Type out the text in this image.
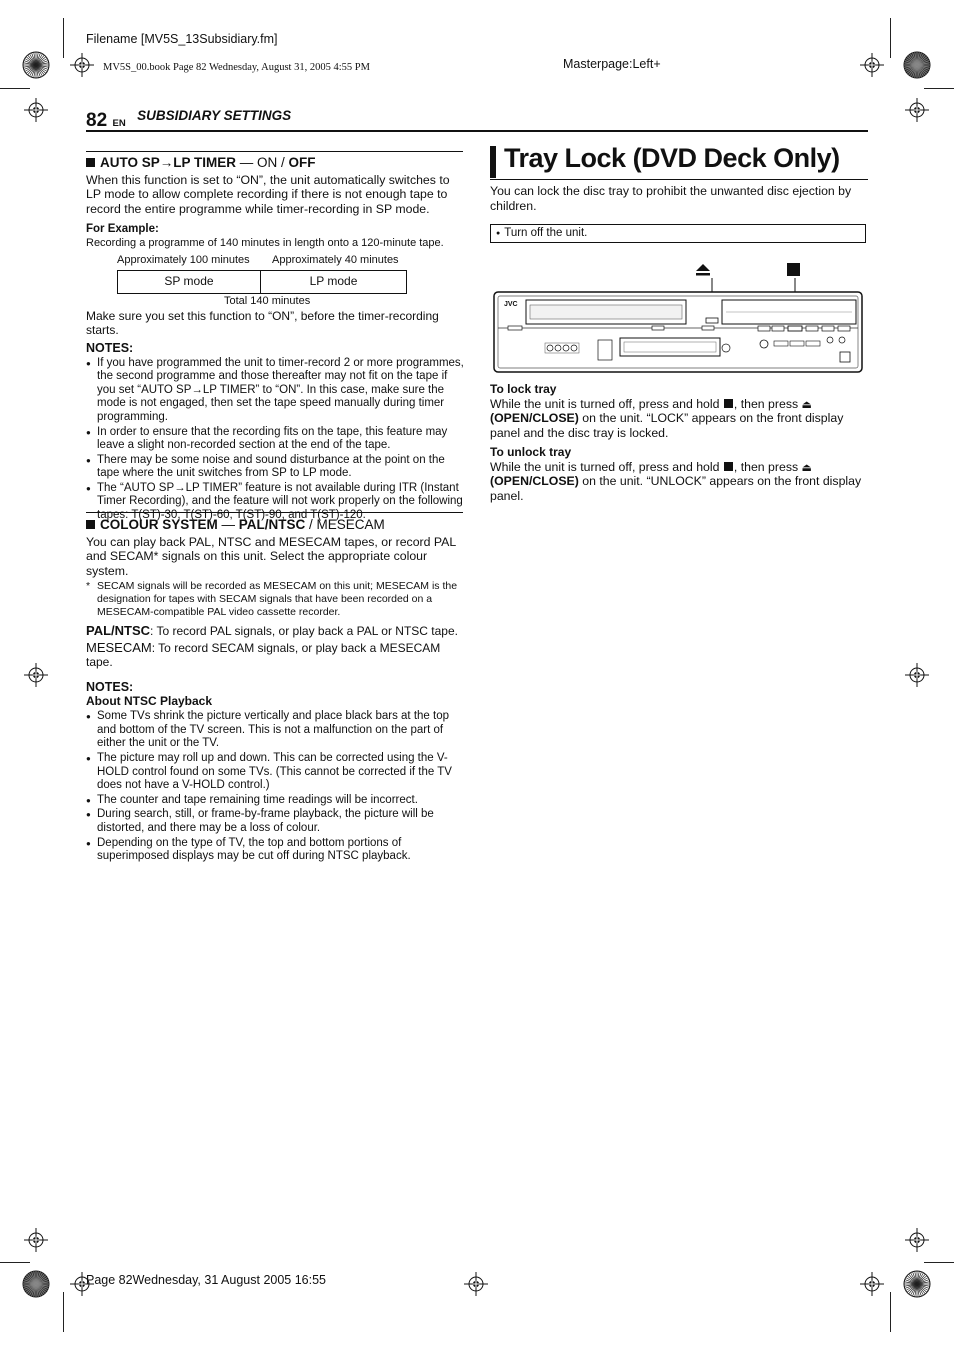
Filename [MV5S_13Subsidiary.fm]
MV5S_00.book Page 82 Wednesday, August 31, 2005 4:55 PM	Masterpage:Left+
Page 82Wednesday, 31 August 2005 16:55
82 EN SUBSIDIARY SETTINGS
AUTO SP→LP TIMER — ON / OFF
When this function is set to “ON”, the unit automatically switches to LP mode to allow complete recording if there is not enough tape to record the entire programme while timer-recording in SP mode.
For Example:
Recording a programme of 140 minutes in length onto a 120-minute tape.
Approximately 100 minutes Approximately 40 minutes
SP mode	LP mode
Total 140 minutes
Make sure you set this function to “ON”, before the timer-recording starts.
NOTES:
● If you have programmed the unit to timer-record 2 or more programmes, the second programme and those thereafter may not fit on the tape if you set “AUTO SP→LP TIMER” to “ON”. In this case, make sure the mode is not engaged, then set the tape speed manually during timer programming.
● In order to ensure that the recording fits on the tape, this feature may leave a slight non-recorded section at the end of the tape.
● There may be some noise and sound disturbance at the point on the tape where the unit switches from SP to LP mode.
● The “AUTO SP→LP TIMER” feature is not available during ITR (Instant Timer Recording), and the feature will not work properly on the following tapes: T(ST)-30, T(ST)-60, T(ST)-90, and T(ST)-120.
COLOUR SYSTEM — PAL/NTSC / MESECAM
You can play back PAL, NTSC and MESECAM tapes, or record PAL and SECAM* signals on this unit. Select the appropriate colour system.
* SECAM signals will be recorded as MESECAM on this unit; MESECAM is the designation for tapes with SECAM signals that have been recorded on a MESECAM-compatible PAL video cassette recorder.
PAL/NTSC: To record PAL signals, or play back a PAL or NTSC tape.
MESECAM: To record SECAM signals, or play back a MESECAM tape.
NOTES:
About NTSC Playback
● Some TVs shrink the picture vertically and place black bars at the top and bottom of the TV screen. This is not a malfunction on the part of either the unit or the TV.
● The picture may roll up and down. This can be corrected using the V-HOLD control found on some TVs. (This cannot be corrected if the TV does not have a V-HOLD control.)
● The counter and tape remaining time readings will be incorrect.
● During search, still, or frame-by-frame playback, the picture will be distorted, and there may be a loss of colour.
● Depending on the type of TV, the top and bottom portions of superimposed displays may be cut off during NTSC playback.
Tray Lock (DVD Deck Only)
You can lock the disc tray to prohibit the unwanted disc ejection by children.
● Turn off the unit.
JVC
To lock tray
While the unit is turned off, press and hold , then press ⏏
(OPEN/CLOSE) on the unit. “LOCK” appears on the front display panel and the disc tray is locked.
To unlock tray
While the unit is turned off, press and hold , then press ⏏
(OPEN/CLOSE) on the unit. “UNLOCK” appears on the front display panel.
